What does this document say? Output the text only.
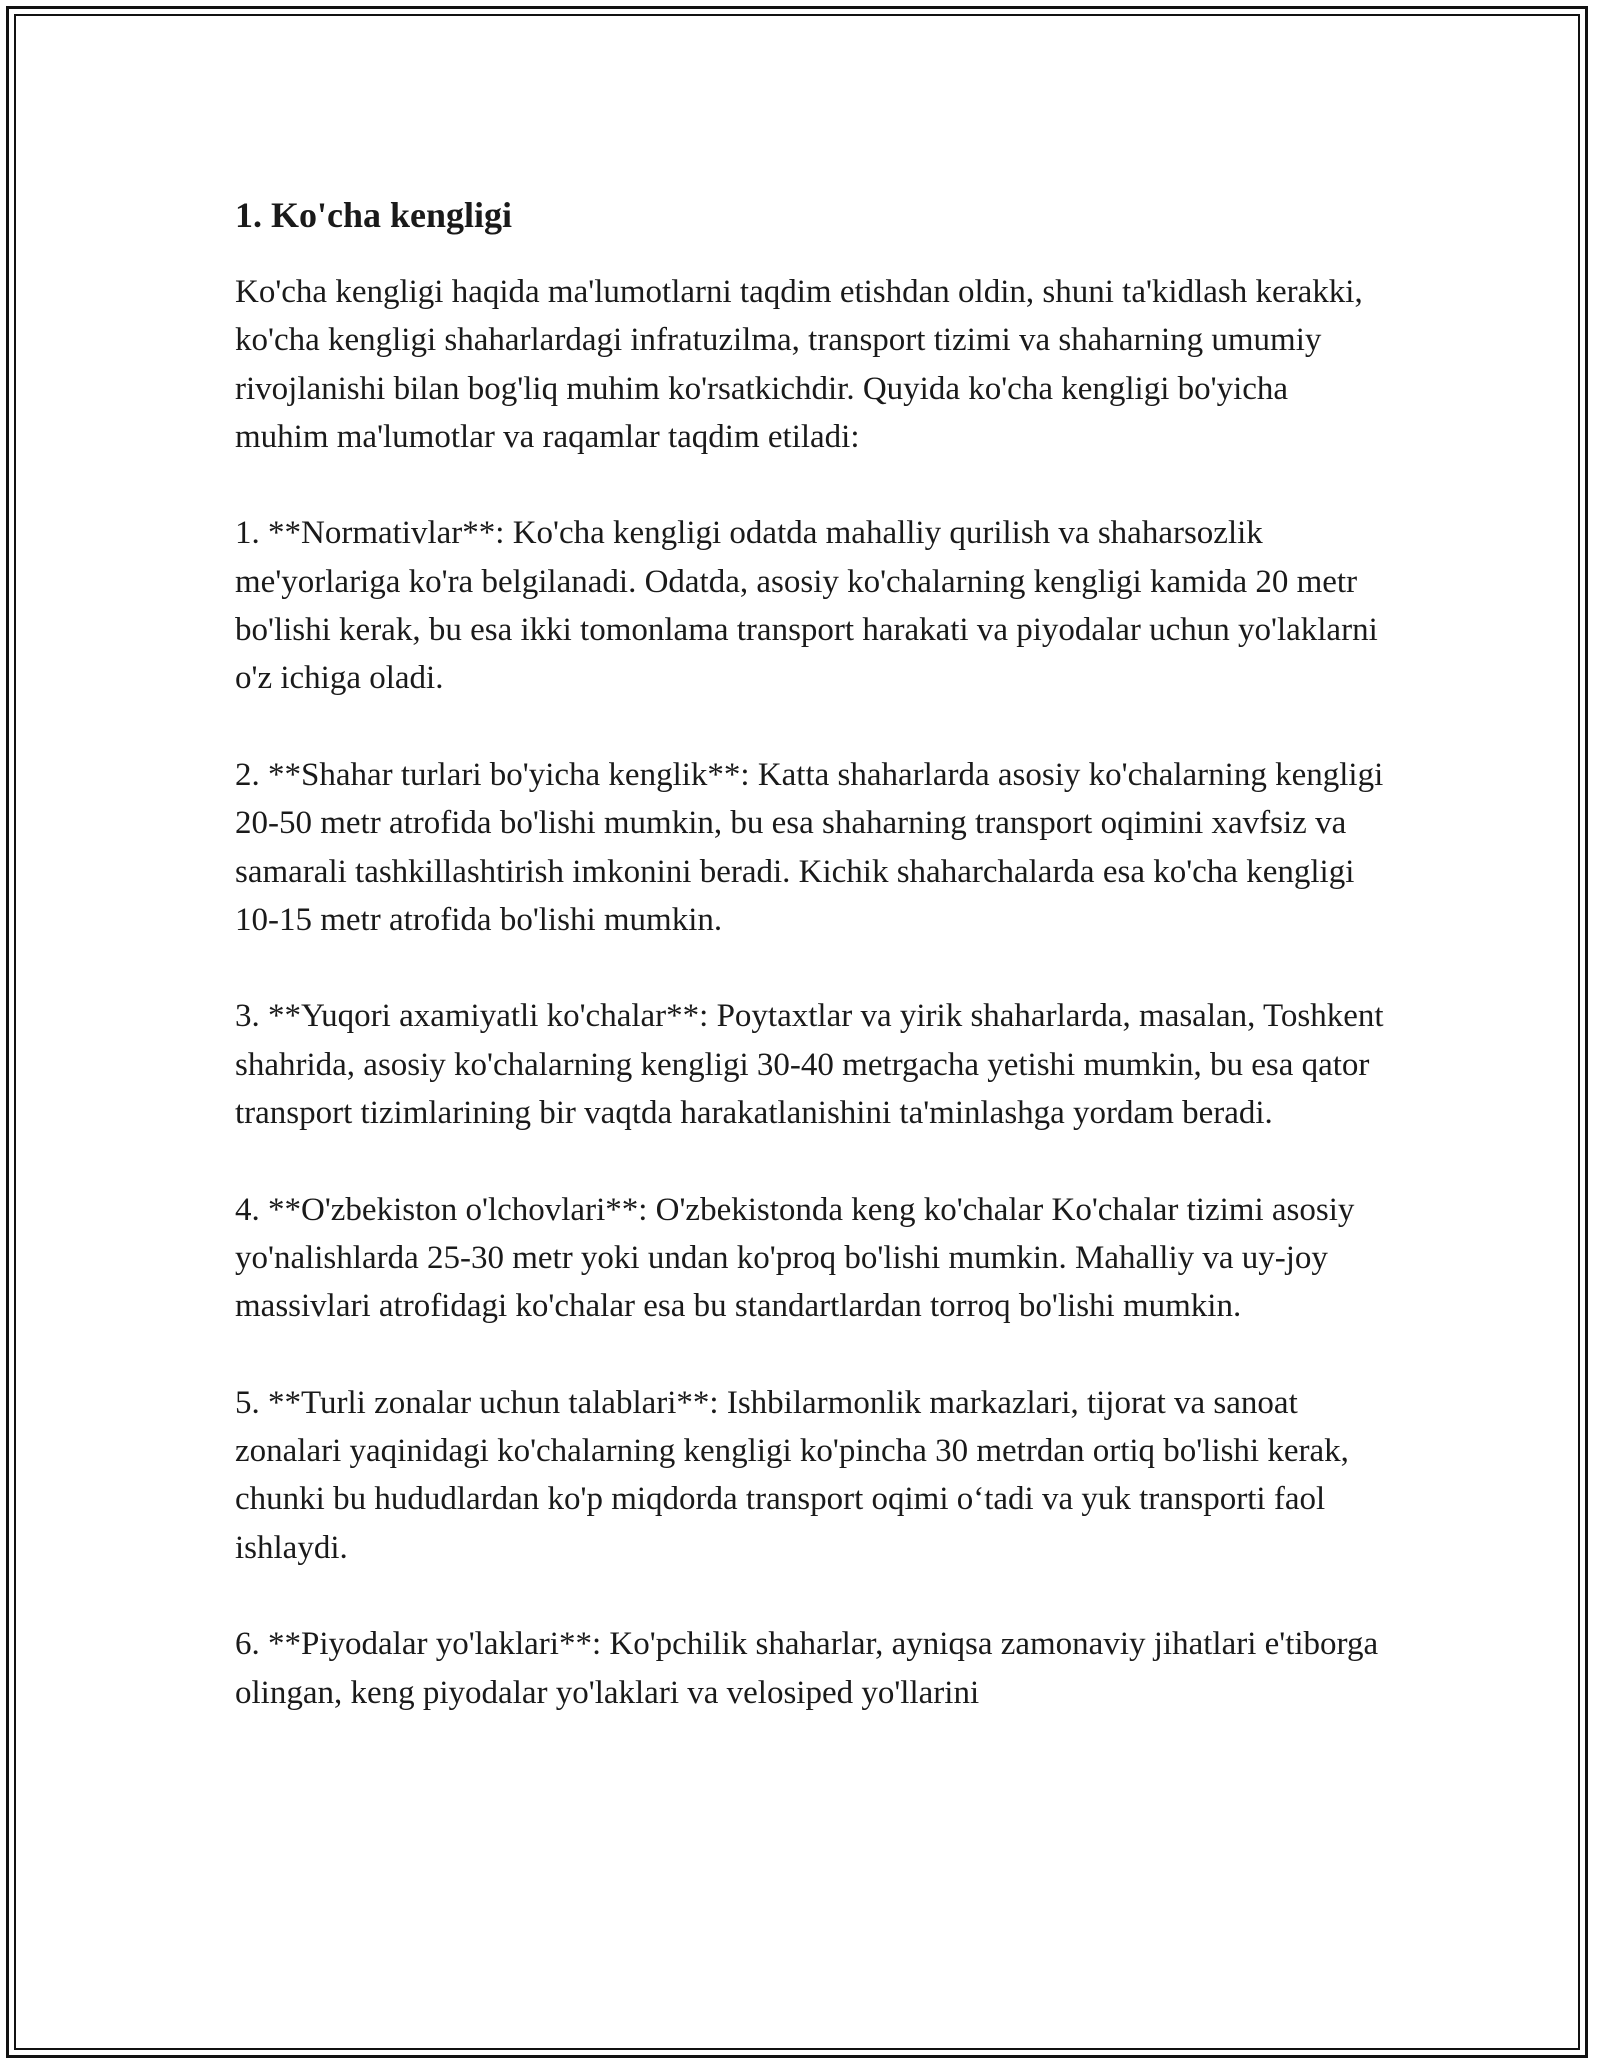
1. Ko'cha kengligi

Ko'cha kengligi haqida ma'lumotlarni taqdim etishdan oldin, shuni ta'kidlash kerakki, ko'cha kengligi shaharlardagi infratuzilma, transport tizimi va shaharning umumiy rivojlanishi bilan bog'liq muhim ko'rsatkichdir. Quyida ko'cha kengligi bo'yicha muhim ma'lumotlar va raqamlar taqdim etiladi:

1. **Normativlar**: Ko'cha kengligi odatda mahalliy qurilish va shaharsozlik me'yorlariga ko'ra belgilanadi. Odatda, asosiy ko'chalarning kengligi kamida 20 metr bo'lishi kerak, bu esa ikki tomonlama transport harakati va piyodalar uchun yo'laklarni o'z ichiga oladi.

2. **Shahar turlari bo'yicha kenglik**: Katta shaharlarda asosiy ko'chalarning kengligi 20-50 metr atrofida bo'lishi mumkin, bu esa shaharning transport oqimini xavfsiz va samarali tashkillashtirish imkonini beradi. Kichik shaharchalarda esa ko'cha kengligi 10-15 metr atrofida bo'lishi mumkin.

3. **Yuqori axamiyatli ko'chalar**: Poytaxtlar va yirik shaharlarda, masalan, Toshkent shahrida, asosiy ko'chalarning kengligi 30-40 metrgacha yetishi mumkin, bu esa qator transport tizimlarining bir vaqtda harakatlanishini ta'minlashga yordam beradi.

4. **O'zbekiston o'lchovlari**: O'zbekistonda keng ko'chalar Ko'chalar tizimi asosiy yo'nalishlarda 25-30 metr yoki undan ko'proq bo'lishi mumkin. Mahalliy va uy-joy massivlari atrofidagi ko'chalar esa bu standartlardan torroq bo'lishi mumkin.

5. **Turli zonalar uchun talablari**: Ishbilarmonlik markazlari, tijorat va sanoat zonalari yaqinidagi ko'chalarning kengligi ko'pincha 30 metrdan ortiq bo'lishi kerak, chunki bu hududlardan ko'p miqdorda transport oqimi o‘tadi va yuk transporti faol ishlaydi.

6. **Piyodalar yo'laklari**: Ko'pchilik shaharlar, ayniqsa zamonaviy jihatlari e'tiborga olingan, keng piyodalar yo'laklari va velosiped yo'llarini
